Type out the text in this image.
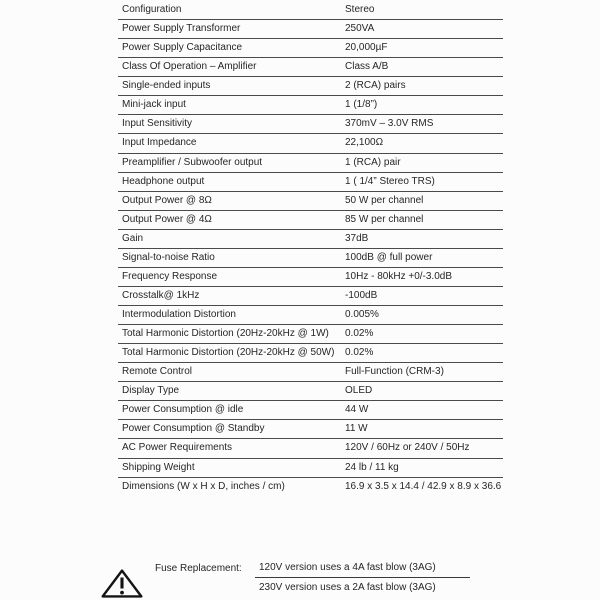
Configuration	Stereo
Power Supply Transformer	250VA
Power Supply Capacitance	20,000µF
Class Of Operation – Amplifier	Class A/B
Single-ended inputs	2 (RCA) pairs
Mini-jack input	1 (1/8”)
Input Sensitivity	370mV – 3.0V RMS
Input Impedance	22,100Ω
Preamplifier / Subwoofer output	1 (RCA) pair
Headphone output	1 ( 1/4” Stereo TRS)
Output Power @ 8Ω	50 W per channel
Output Power @ 4Ω	85 W per channel
Gain	37dB
Signal-to-noise Ratio	100dB @ full power
Frequency Response	10Hz - 80kHz +0/-3.0dB
Crosstalk@ 1kHz	-100dB
Intermodulation Distortion	0.005%
Total Harmonic Distortion (20Hz-20kHz @ 1W)	0.02%
Total Harmonic Distortion (20Hz-20kHz @ 50W)	0.02%
Remote Control	Full-Function (CRM-3)
Display Type	OLED
Power Consumption @ idle	44 W
Power Consumption @ Standby	11 W
AC Power Requirements	120V / 60Hz or 240V / 50Hz
Shipping Weight	24 lb / 11 kg
Dimensions (W x H x D, inches / cm)	16.9 x 3.5 x 14.4 / 42.9 x 8.9 x 36.6
Fuse Replacement:	120V version uses a 4A fast blow (3AG)
230V version uses a 2A fast blow (3AG)
